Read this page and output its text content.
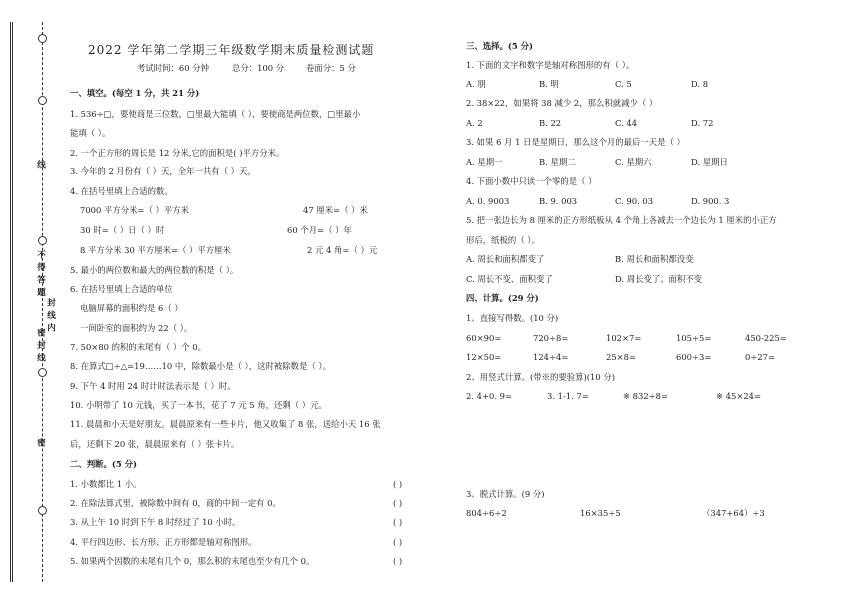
线
不得答题
封线内
密封线
密
2022 学年第二学期三年级数学期末质量检测试题
考试时间：60 分钟	总分：100 分	卷面分：5 分
一、填空。(每空 1 分，共 21 分)
1. 536÷□，要使商是三位数，□里最大能填（ ），要使商是两位数，□里最小
能填（ ）。
2. 一个正方形的周长是 12 分米,它的面积是( )平方分米。
3. 今年的 2 月份有（ ）天，全年一共有（ ）天。
4. 在括号里填上合适的数。
7000 平方分米=（ ）平方米	47 厘米=（ ）米
30 时=（ ）日（ ）时	60 个月=（ ）年
8 平方分米 30 平方厘米=（ ）平方厘米	2 元 4 角=（ ）元
5. 最小的两位数和最大的两位数的积是（ ）。
6. 在括号里填上合适的单位
电脑屏幕的面积约是 6（ ）
一间卧室的面积约为 22（ ）。
7. 50×80 的积的末尾有（ ）个 0。
8. 在算式□÷△=19……10 中，除数最小是（ ），这时被除数是（ ）。
9. 下午 4 时用 24 时计时法表示是（ ）时。
10. 小明带了 10 元钱，买了一本书，花了 7 元 5 角，还剩（ ）元。
11. 晨晨和小天是好朋友。晨晨原来有一些卡片，他又收集了 8 张，送给小天 16 张
后，还剩下 20 张，晨晨原来有（ ）张卡片。
二、判断。(5 分)
1. 小数都比 1 小。	( )
2. 在除法算式里，被除数中间有 0，商的中间一定有 0。	( )
3. 从上午 10 时到下午 8 时经过了 10 小时。	( )
4. 平行四边形、长方形、正方形都是轴对称图形。	( )
5. 如果两个因数的末尾有几个 0，那么积的末尾也至少有几个 0。	( )
三、选择。(5 分)
1. 下面的文字和数字是轴对称图形的有（ ）。
A. 朋	B. 明	C. 5	D. 8
2. 38×22，如果将 38 减少 2，那么积就减少（ ）
A. 2	B. 22	C. 44	D. 72
3. 如果 6 月 1 日是星期日，那么这个月的最后一天是（ ）
A. 星期一	B. 星期二	C. 星期六	D. 星期日
4. 下面小数中只读一个零的是（ ）
A. 0. 9003	B. 9. 003	C. 90. 03	D. 900. 3
5. 把一张边长为 8 厘米的正方形纸板从 4 个角上各减去一个边长为 1 厘米的小正方
形后，纸板的（ ）。
A. 周长和面积都变了	B. 周长和面积都没变
C. 周长不变、面积变了	D. 周长变了、面积不变
四、计算。(29 分)
1、直接写得数。(10 分)
60×90=	720÷8=	102×7=	105÷5=	450-225=
12×50=	124÷4=	25×8=	600÷3=	0÷27=
2、用竖式计算。(带※的要验算)(10 分)
2. 4+0. 9=	3. 1-1. 7=	※ 832÷8=	※ 45×24=
3、脱式计算。(9 分)
804÷6÷2	16×35÷5	（347+64）÷3
